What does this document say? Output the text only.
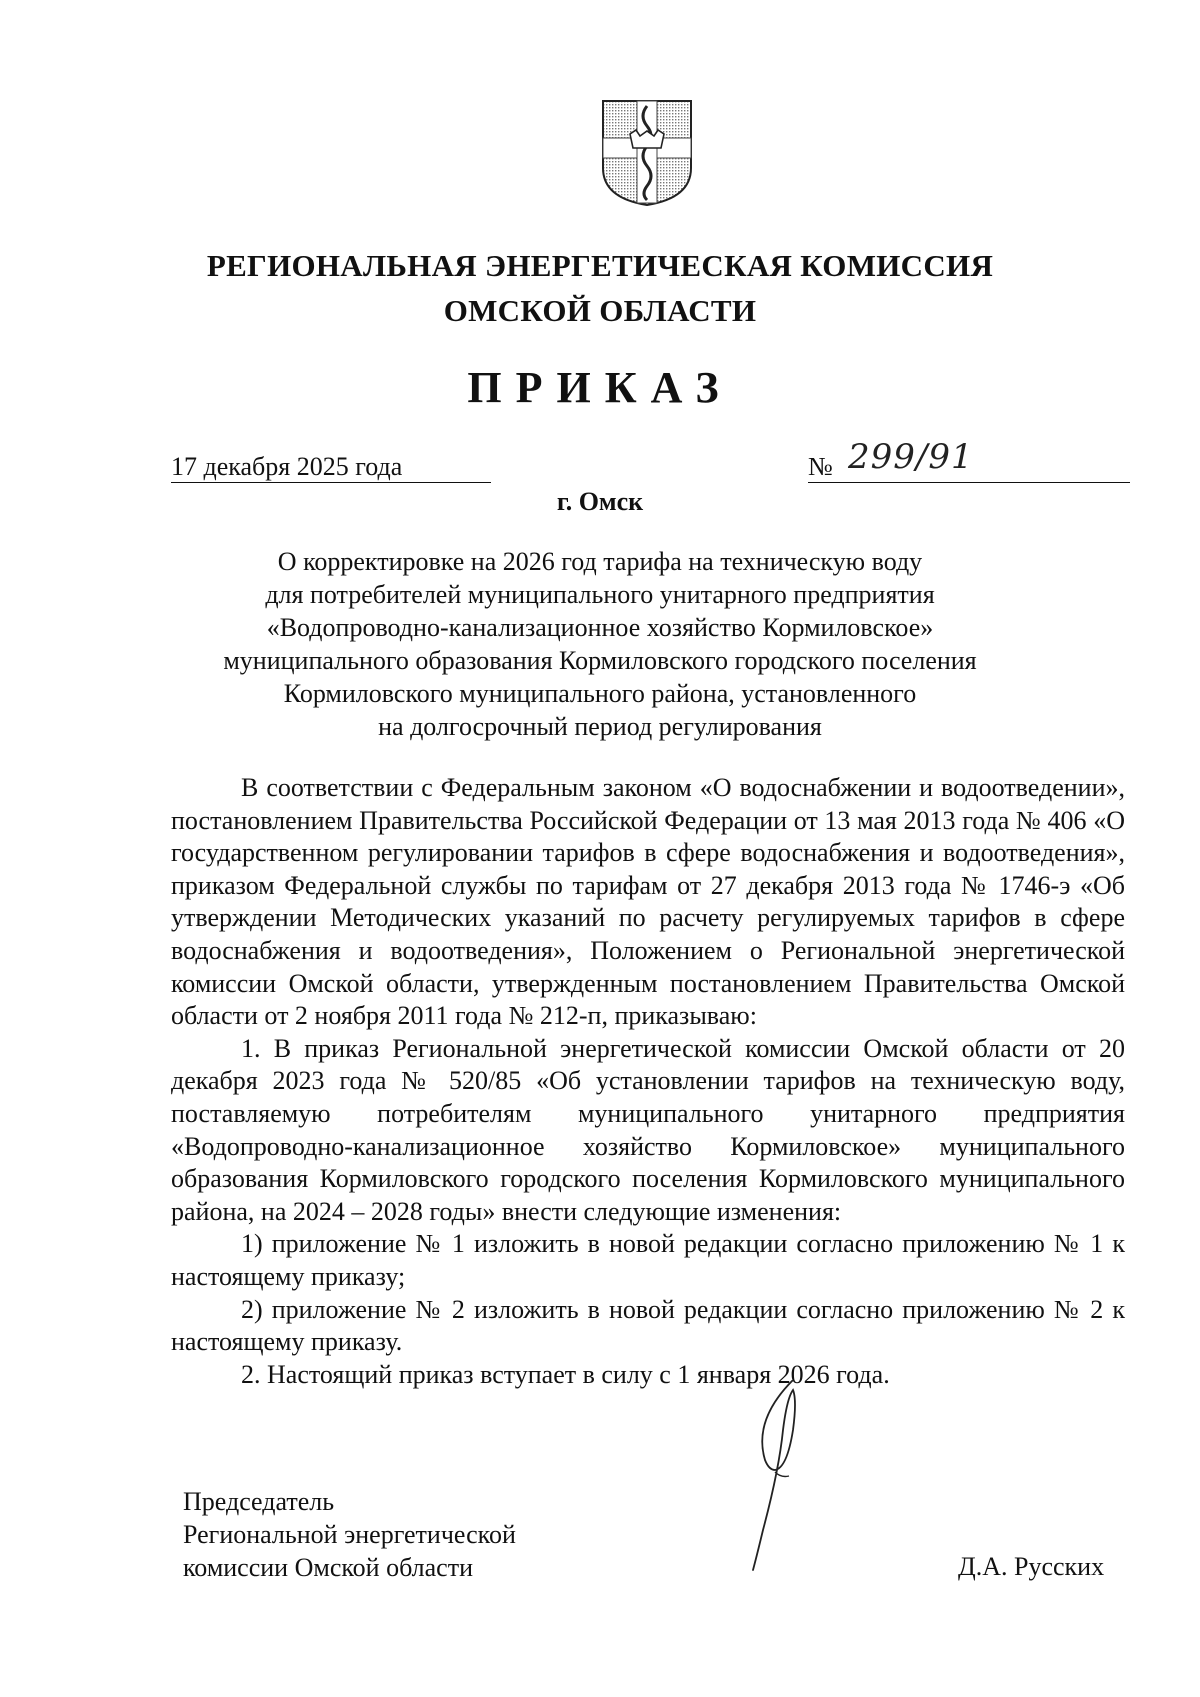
РЕГИОНАЛЬНАЯ ЭНЕРГЕТИЧЕСКАЯ КОМИССИЯ
ОМСКОЙ ОБЛАСТИ
ПРИКАЗ
17 декабря 2025 года	№ 299/91
г. Омск
О корректировке на 2026 год тарифа на техническую воду
для потребителей муниципального унитарного предприятия
«Водопроводно-канализационное хозяйство Кормиловское»
муниципального образования Кормиловского городского поселения
Кормиловского муниципального района, установленного
на долгосрочный период регулирования

В соответствии с Федеральным законом «О водоснабжении и водоотведении», постановлением Правительства Российской Федерации от 13 мая 2013 года № 406 «О государственном регулировании тарифов в сфере водоснабжения и водоотведения», приказом Федеральной службы по тарифам от 27 декабря 2013 года № 1746-э «Об утверждении Методических указаний по расчету регулируемых тарифов в сфере водоснабжения и водоотведения», Положением о Региональной энергетической комиссии Омской области, утвержденным постановлением Правительства Омской области от 2 ноября 2011 года № 212-п, приказываю:

1. В приказ Региональной энергетической комиссии Омской области от 20 декабря 2023 года № 520/85 «Об установлении тарифов на техническую воду, поставляемую потребителям муниципального унитарного предприятия «Водопроводно-канализационное хозяйство Кормиловское» муниципального образования Кормиловского городского поселения Кормиловского муниципального района, на 2024 – 2028 годы» внести следующие изменения:

1) приложение № 1 изложить в новой редакции согласно приложению № 1 к настоящему приказу;

2) приложение № 2 изложить в новой редакции согласно приложению № 2 к настоящему приказу.

2. Настоящий приказ вступает в силу с 1 января 2026 года.

Председатель
Региональной энергетической
комиссии Омской области	Д.А. Русских
